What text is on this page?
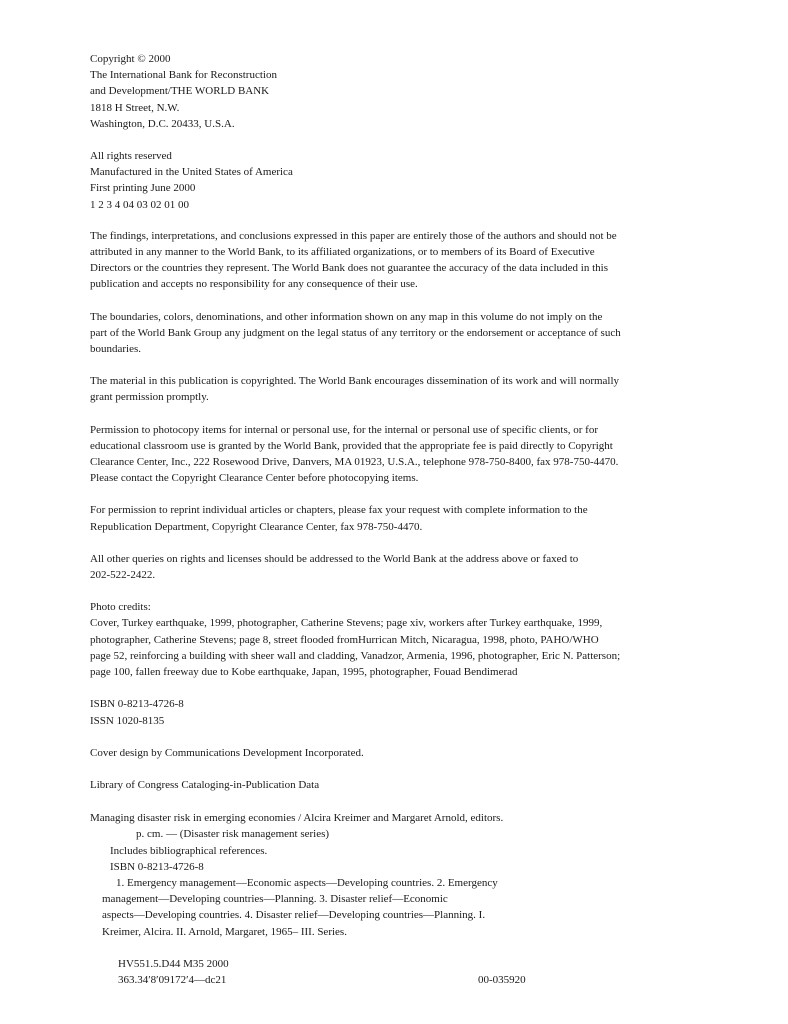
Copyright © 2000
The International Bank for Reconstruction
and Development/THE WORLD BANK
1818 H Street, N.W.
Washington, D.C. 20433, U.S.A.
All rights reserved
Manufactured in the United States of America
First printing June 2000
1 2 3 4 04 03 02 01 00
The findings, interpretations, and conclusions expressed in this paper are entirely those of the authors and should not be
attributed in any manner to the World Bank, to its affiliated organizations, or to members of its Board of Executive
Directors or the countries they represent. The World Bank does not guarantee the accuracy of the data included in this
publication and accepts no responsibility for any consequence of their use.
The boundaries, colors, denominations, and other information shown on any map in this volume do not imply on the
part of the World Bank Group any judgment on the legal status of any territory or the endorsement or acceptance of such
boundaries.
The material in this publication is copyrighted. The World Bank encourages dissemination of its work and will normally
grant permission promptly.
Permission to photocopy items for internal or personal use, for the internal or personal use of specific clients, or for
educational classroom use is granted by the World Bank, provided that the appropriate fee is paid directly to Copyright
Clearance Center, Inc., 222 Rosewood Drive, Danvers, MA 01923, U.S.A., telephone 978-750-8400, fax 978-750-4470.
Please contact the Copyright Clearance Center before photocopying items.
For permission to reprint individual articles or chapters, please fax your request with complete information to the
Republication Department, Copyright Clearance Center, fax 978-750-4470.
All other queries on rights and licenses should be addressed to the World Bank at the address above or faxed to
202-522-2422.
Photo credits:
Cover, Turkey earthquake, 1999, photographer, Catherine Stevens; page xiv, workers after Turkey earthquake, 1999,
photographer, Catherine Stevens; page 8, street flooded fromHurrican Mitch, Nicaragua, 1998, photo, PAHO/WHO
page 52, reinforcing a building with sheer wall and cladding, Vanadzor, Armenia, 1996, photographer, Eric N. Patterson;
page 100, fallen freeway due to Kobe earthquake, Japan, 1995, photographer, Fouad Bendimerad
ISBN 0-8213-4726-8
ISSN 1020-8135
Cover design by Communications Development Incorporated.
Library of Congress Cataloging-in-Publication Data
Managing disaster risk in emerging economies / Alcira Kreimer and Margaret Arnold, editors.
p. cm. — (Disaster risk management series)
Includes bibliographical references.
ISBN 0-8213-4726-8
1. Emergency management—Economic aspects—Developing countries. 2. Emergency
management—Developing countries—Planning. 3. Disaster relief—Economic
aspects—Developing countries. 4. Disaster relief—Developing countries—Planning. I.
Kreimer, Alcira. II. Arnold, Margaret, 1965– III. Series.
HV551.5.D44 M35 2000
363.34′8′09172′4—dc21	00-035920
